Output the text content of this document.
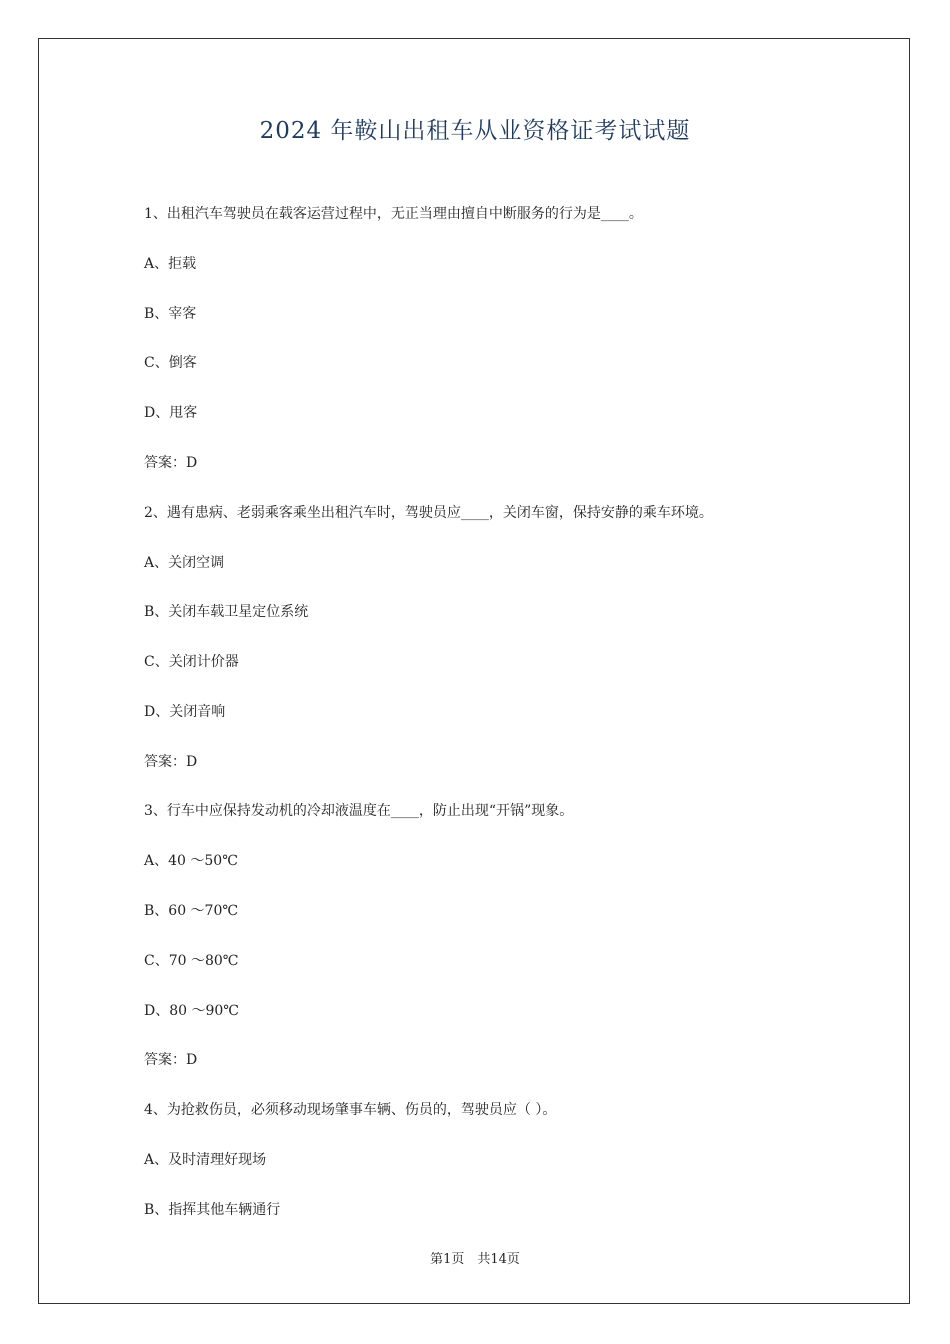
2024 年鞍山出租车从业资格证考试试题
1、出租汽车驾驶员在载客运营过程中，无正当理由擅自中断服务的行为是____。
A、拒载
B、宰客
C、倒客
D、甩客
答案：D
2、遇有患病、老弱乘客乘坐出租汽车时，驾驶员应____，关闭车窗，保持安静的乘车环境。
A、关闭空调
B、关闭车载卫星定位系统
C、关闭计价器
D、关闭音响
答案：D
3、行车中应保持发动机的冷却液温度在____，防止出现“开锅”现象。
A、40 ～50℃
B、60 ～70℃
C、70 ～80℃
D、80 ～90℃
答案：D
4、为抢救伤员，必须移动现场肇事车辆、伤员的，驾驶员应（ ）。
A、及时清理好现场
B、指挥其他车辆通行
第1页　共14页
